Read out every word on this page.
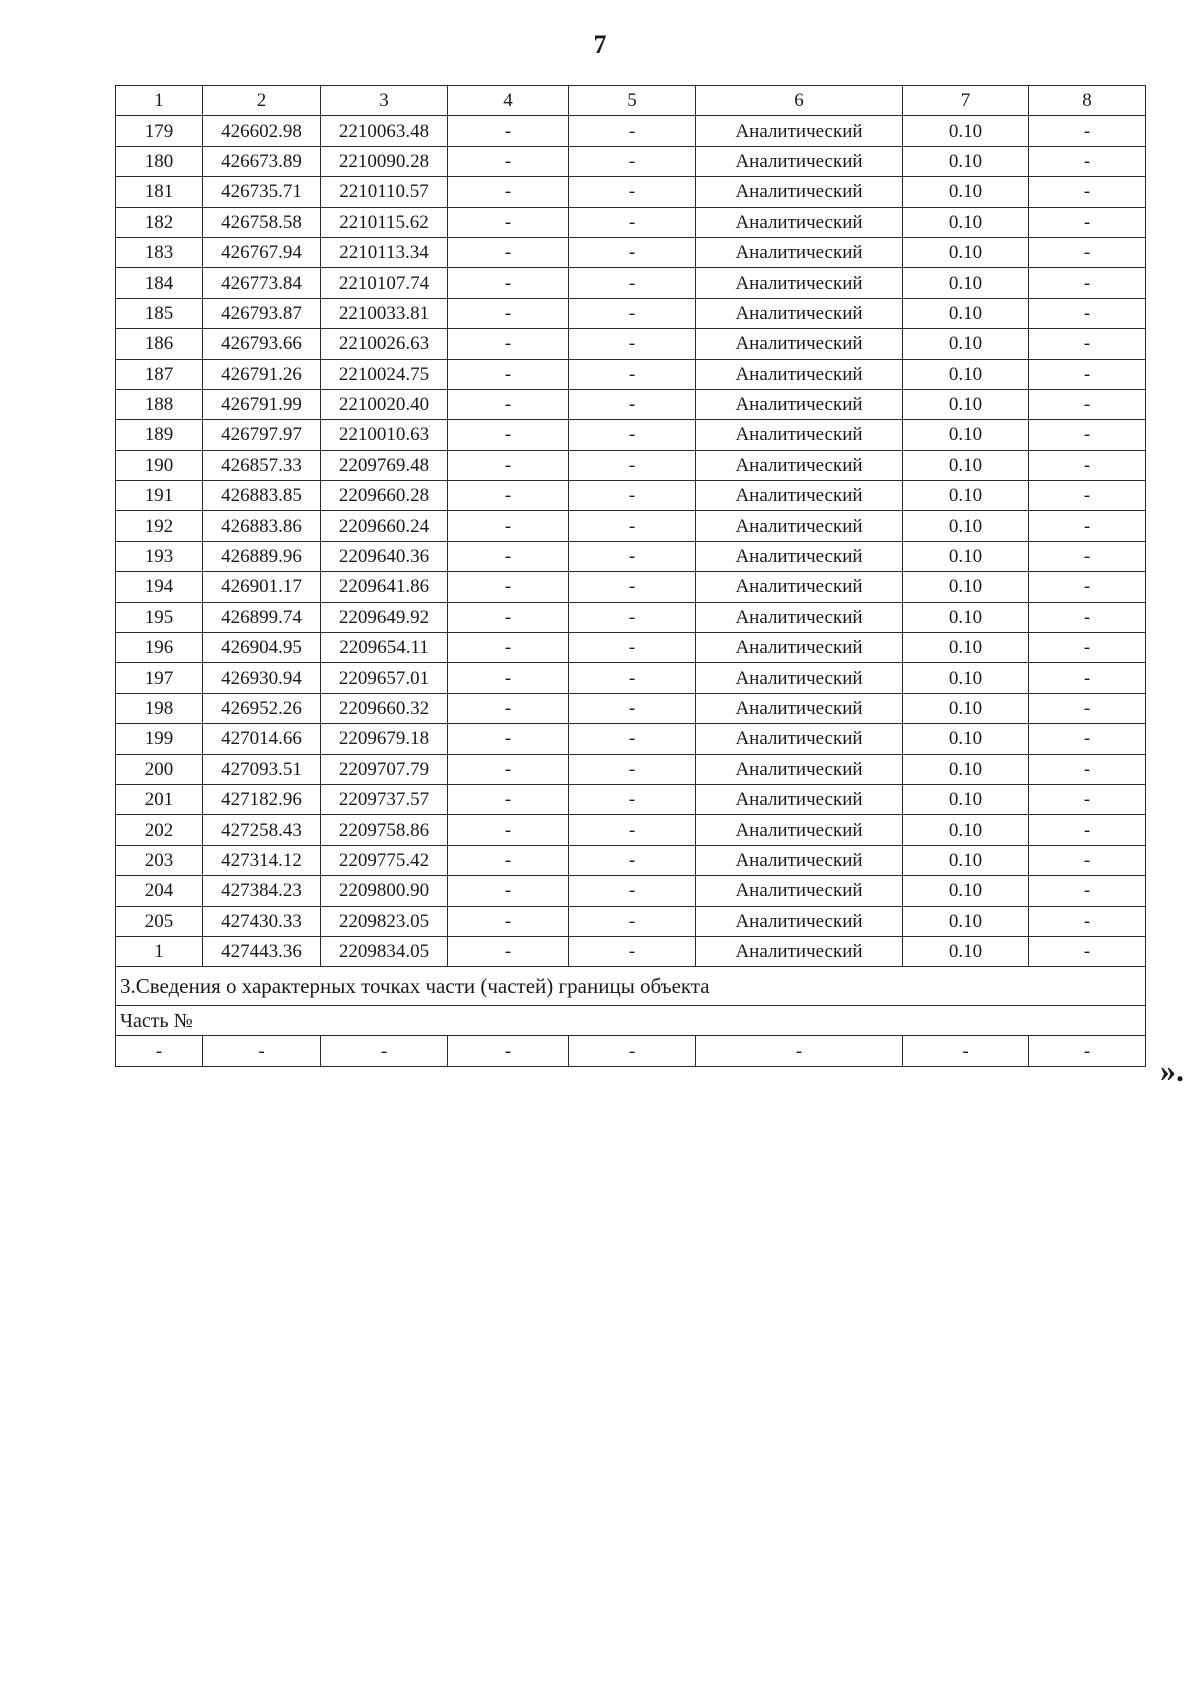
7
1	2	3	4	5	6	7	8
179	426602.98	2210063.48	-	-	Аналитический	0.10	-
180	426673.89	2210090.28	-	-	Аналитический	0.10	-
181	426735.71	2210110.57	-	-	Аналитический	0.10	-
182	426758.58	2210115.62	-	-	Аналитический	0.10	-
183	426767.94	2210113.34	-	-	Аналитический	0.10	-
184	426773.84	2210107.74	-	-	Аналитический	0.10	-
185	426793.87	2210033.81	-	-	Аналитический	0.10	-
186	426793.66	2210026.63	-	-	Аналитический	0.10	-
187	426791.26	2210024.75	-	-	Аналитический	0.10	-
188	426791.99	2210020.40	-	-	Аналитический	0.10	-
189	426797.97	2210010.63	-	-	Аналитический	0.10	-
190	426857.33	2209769.48	-	-	Аналитический	0.10	-
191	426883.85	2209660.28	-	-	Аналитический	0.10	-
192	426883.86	2209660.24	-	-	Аналитический	0.10	-
193	426889.96	2209640.36	-	-	Аналитический	0.10	-
194	426901.17	2209641.86	-	-	Аналитический	0.10	-
195	426899.74	2209649.92	-	-	Аналитический	0.10	-
196	426904.95	2209654.11	-	-	Аналитический	0.10	-
197	426930.94	2209657.01	-	-	Аналитический	0.10	-
198	426952.26	2209660.32	-	-	Аналитический	0.10	-
199	427014.66	2209679.18	-	-	Аналитический	0.10	-
200	427093.51	2209707.79	-	-	Аналитический	0.10	-
201	427182.96	2209737.57	-	-	Аналитический	0.10	-
202	427258.43	2209758.86	-	-	Аналитический	0.10	-
203	427314.12	2209775.42	-	-	Аналитический	0.10	-
204	427384.23	2209800.90	-	-	Аналитический	0.10	-
205	427430.33	2209823.05	-	-	Аналитический	0.10	-
1	427443.36	2209834.05	-	-	Аналитический	0.10	-
3.Сведения о характерных точках части (частей) границы объекта							
Часть №							
-	-	-	-	-	-	-	-
».
